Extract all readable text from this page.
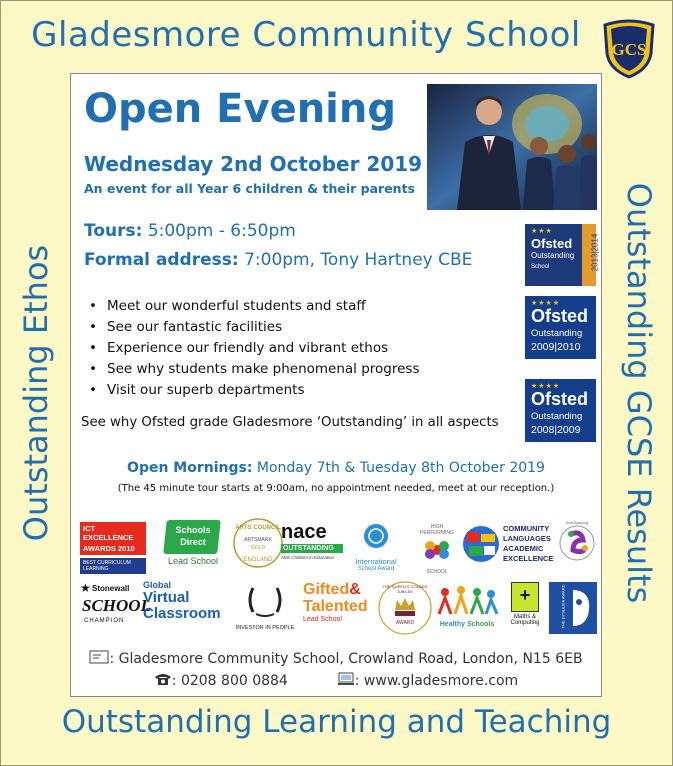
Gladesmore Community School	GCS
Outstanding Ethos	Outstanding GCSE Results
Outstanding Learning and Teaching
Open Evening
Wednesday 2nd October 2019
An event for all Year 6 children & their parents
Tours: 5:00pm - 6:50pm
Formal address: 7:00pm, Tony Hartney CBE
• Meet our wonderful students and staff
• See our fantastic facilities
• Experience our friendly and vibrant ethos
• See why students make phenomenal progress
• Visit our superb departments
See why Ofsted grade Gladesmore ‘Outstanding’ in all aspects
★★★
Ofsted
Outstanding
School	2013|2014
★★★★
Ofsted
Outstanding
2009|2010
★★★★
Ofsted
Outstanding
2008|2009
Open Mornings: Monday 7th & Tuesday 8th October 2019
(The 45 minute tour starts at 9:00am, no appointment needed, meet at our reception.)
ICT EXCELLENCE
AWARDS 2010
BEST CURRICULUM LEARNING
Schools
Direct
Lead School
ARTS COUNCIL
ARTSMARK
GOLD
ENGLAND
nace
OUTSTANDING
Able Children in Education	International
School Award
HIGH PERFORMING
SCHOOL
COMMUNITY
LANGUAGES
ACADEMIC
EXCELLENCE
Anti-Bullying
★ Stonewall
SCHOOL
CHAMPION
Global
Virtual
Classroom
INVESTOR IN PEOPLE
Gifted&
Talented
Lead School
THE QUEEN'S GOLDEN JUBILEE
AWARD	Healthy Schools
+
Maths &
Computing	THE DYSLEXIA AWARD
: Gladesmore Community School, Crowland Road, London, N15 6EB
: 0208 800 0884	: www.gladesmore.com
